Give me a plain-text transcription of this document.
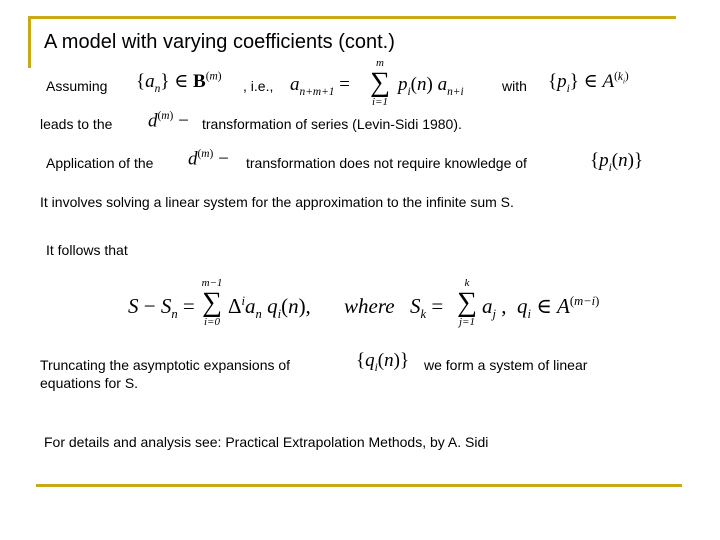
A model with varying coefficients (cont.)
Assuming $\{a_n\}$ ∈ $B^{(m)}$
, i.e., $a_{n+m+1}$ =
m
∑
i=1
$p_i(n)$ $a_{n+i}$	with $\{p_i\}$ ∈ $A^{(k_i)}$
leads to the $d^{(m)}$ − transformation of series (Levin-Sidi 1980).
Application of the $d^{(m)}$ − transformation does not require knowledge of	$\{p_i(n)\}$
It involves solving a linear system for the approximation to the infinite sum S.
It follows that
$S - S_n$ =
m−1
∑
i=0
$\Delta^ia_n$ $q_i(n)$, where $S_k$ =
k
∑
j=1
$a_j$ ,  $q_i$ ∈ $A^{(m-i)}$
Truncating the asymptotic expansions of
equations for S.
$\{q_i(n)\}$ we form a system of linear
For details and analysis see: Practical Extrapolation Methods, by A. Sidi
